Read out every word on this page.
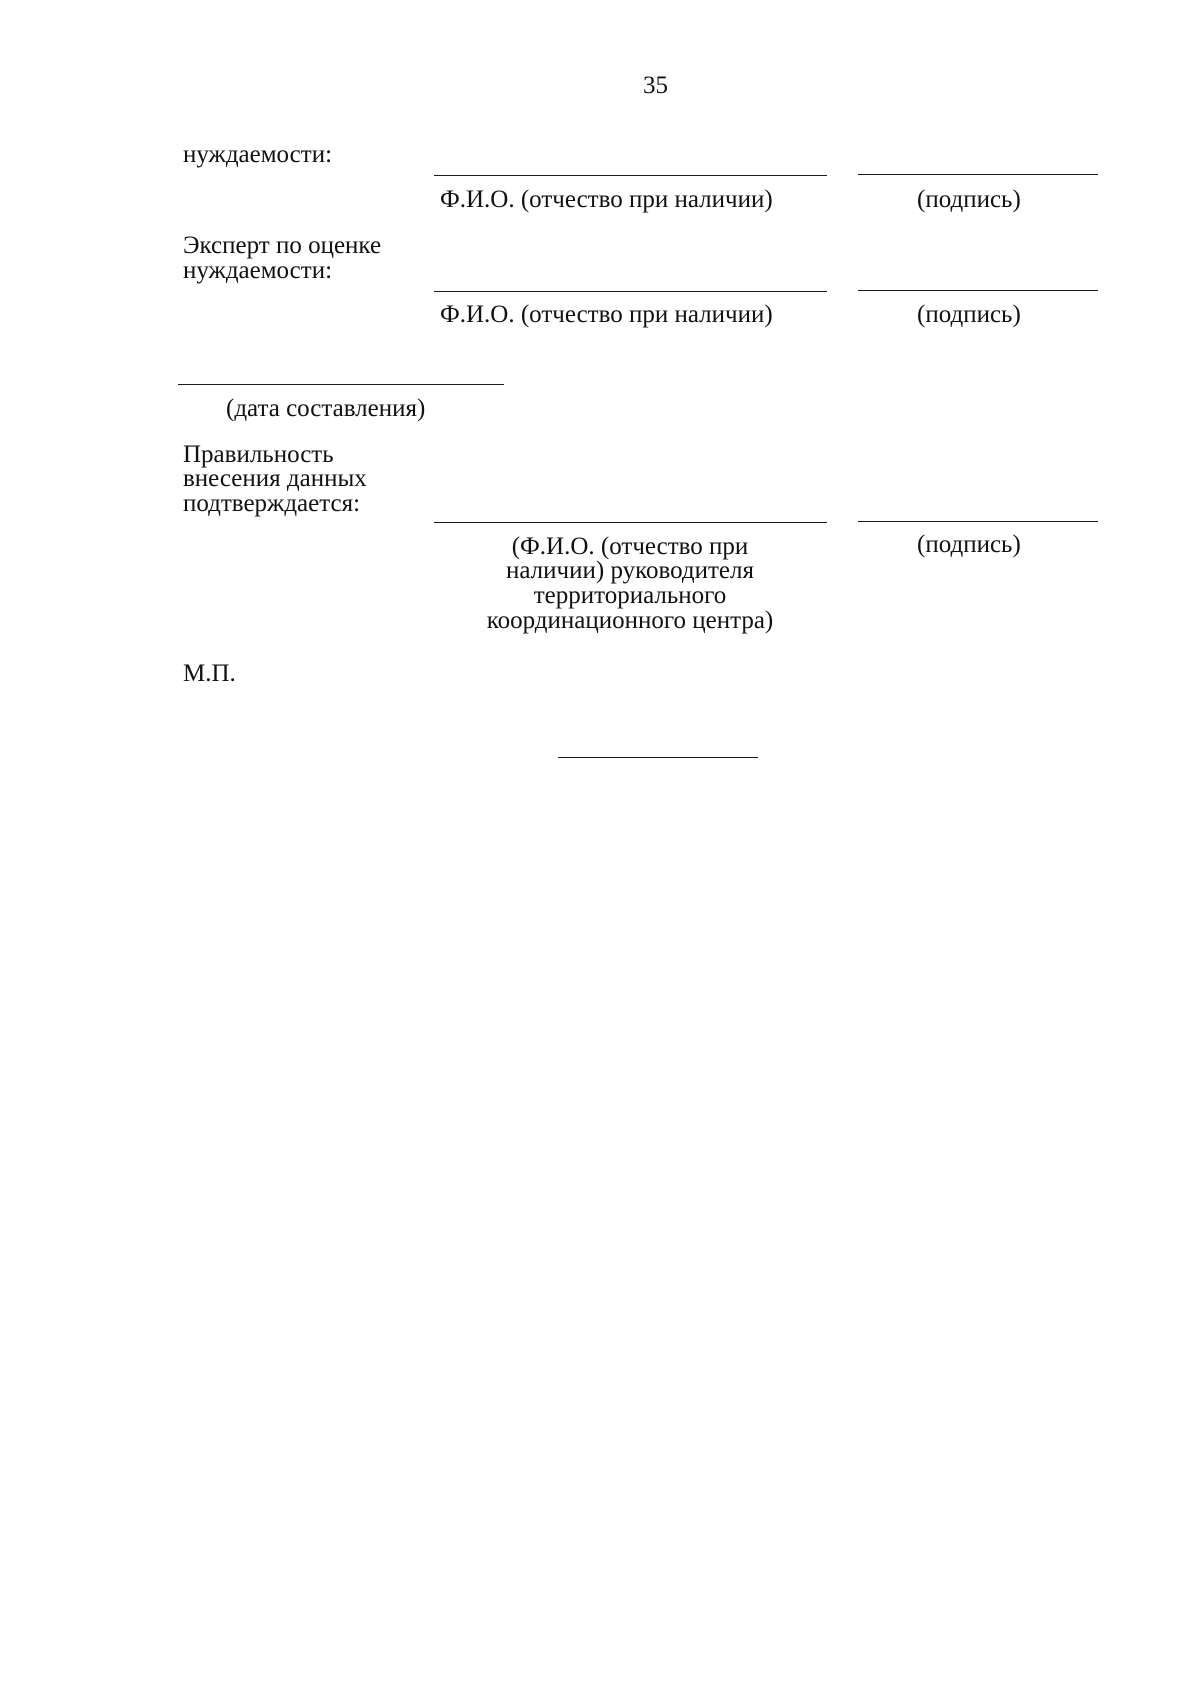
35
нуждаемости:
Ф.И.О. (отчество при наличии)	(подпись)
Эксперт по оценке
нуждаемости:
Ф.И.О. (отчество при наличии)	(подпись)
(дата составления)
Правильность
внесения данных
подтверждается:
(Ф.И.О. (отчество при
наличии) руководителя
территориального
координационного центра)
(подпись)
М.П.
